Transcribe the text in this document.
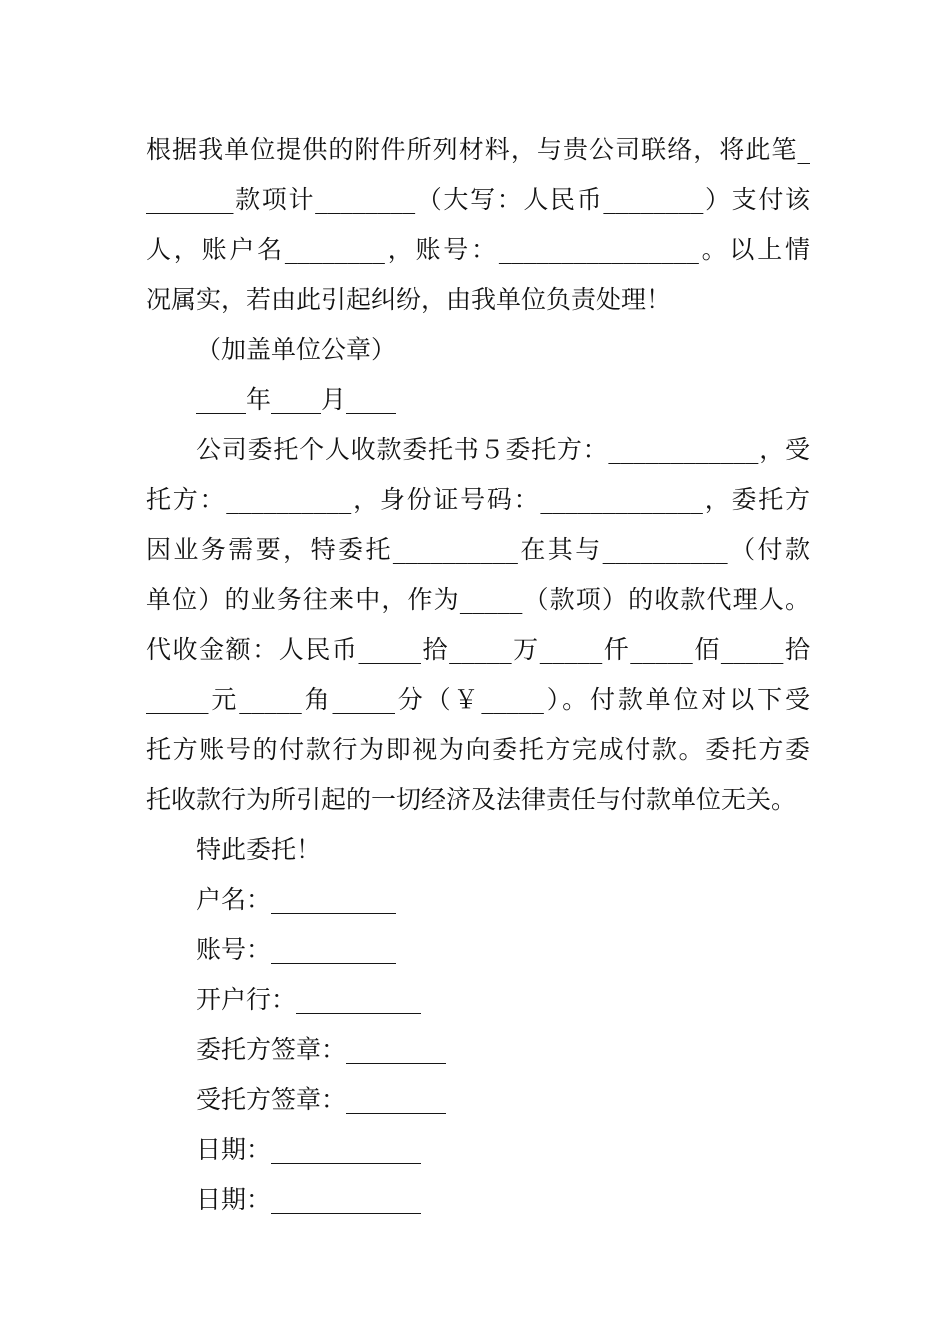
根据我单位提供的附件所列材料，与贵公司联络，将此笔_
_______款项计________（大写：人民币________）支付该
人，账户名________，账号：________________。以上情
况属实，若由此引起纠纷，由我单位负责处理！
（加盖单位公章）
____年____月____
公司委托个人收款委托书５委托方：____________，受
托方：__________，身份证号码：_____________，委托方
因业务需要，特委托__________在其与__________（付款
单位）的业务往来中，作为_____（款项）的收款代理人。
代收金额：人民币_____拾_____万_____仟_____佰_____拾
_____元_____角_____分（￥_____）。付款单位对以下受
托方账号的付款行为即视为向委托方完成付款。委托方委
托收款行为所引起的一切经济及法律责任与付款单位无关。
特此委托！
户名：__________
账号：__________
开户行：__________
委托方签章：________
受托方签章：________
日期：____________
日期：____________
